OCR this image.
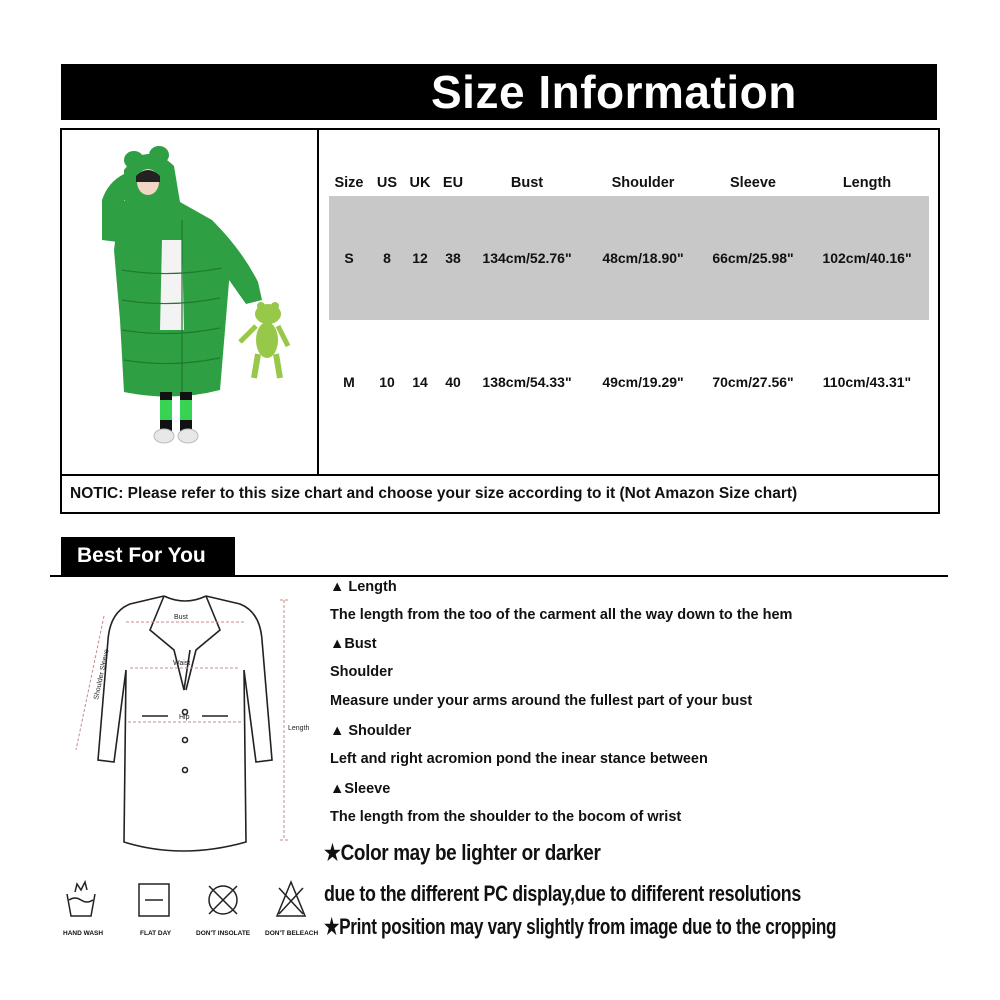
Size Information
Size US UK EU	Bust	Shoulder	Sleeve	Length
S	8	12	38	134cm/52.76"	48cm/18.90"	66cm/25.98"	102cm/40.16"
M	10	14	40	138cm/54.33"	49cm/19.29"	70cm/27.56"	110cm/43.31"
NOTIC: Please refer to this size chart and choose your size according to it (Not Amazon Size chart)
Best For You
Bust
Waist
Hip
Length
Shoulder Sleeve
HAND WASH	FLAT DAY	DON'T INSOLATE DON'T BELEACH
▲ Length
The length from the too of the carment all the way down to the hem
▲Bust
Shoulder
Measure under your arms around the fullest part of your bust
▲ Shoulder
Left and right acromion pond the inear stance between
▲Sleeve
The length from the shoulder to the bocom of wrist
★Color may be lighter or darker
due to the different PC display,due to dififerent resolutions
★Print position may vary slightly from image due to the cropping
